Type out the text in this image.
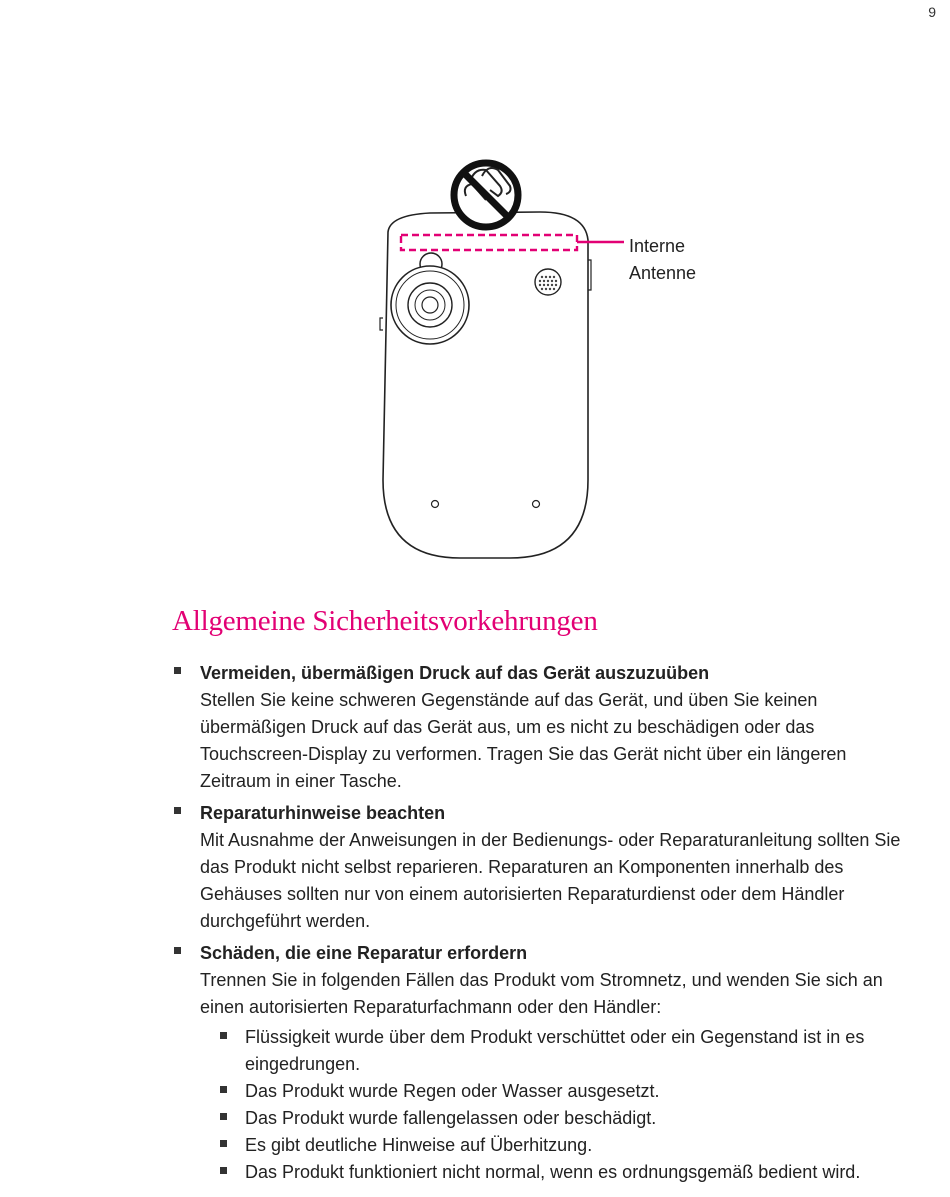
9
Interne
Antenne
Allgemeine Sicherheitsvorkehrungen
Vermeiden, übermäßigen Druck auf das Gerät auszuzuüben
Stellen Sie keine schweren Gegenstände auf das Gerät, und üben Sie keinen übermäßigen Druck auf das Gerät aus, um es nicht zu beschädigen oder das Touchscreen-Display zu verformen. Tragen Sie das Gerät nicht über ein längeren Zeitraum in einer Tasche.
Reparaturhinweise beachten
Mit Ausnahme der Anweisungen in der Bedienungs- oder Reparaturanleitung sollten Sie das Produkt nicht selbst reparieren. Reparaturen an Komponenten innerhalb des Gehäuses sollten nur von einem autorisierten Reparaturdienst oder dem Händler durchgeführt werden.
Schäden, die eine Reparatur erfordern
Trennen Sie in folgenden Fällen das Produkt vom Stromnetz, und wenden Sie sich an einen autorisierten Reparaturfachmann oder den Händler:
Flüssigkeit wurde über dem Produkt verschüttet oder ein Gegenstand ist in es eingedrungen.
Das Produkt wurde Regen oder Wasser ausgesetzt.
Das Produkt wurde fallengelassen oder beschädigt.
Es gibt deutliche Hinweise auf Überhitzung.
Das Produkt funktioniert nicht normal, wenn es ordnungsgemäß bedient wird.
